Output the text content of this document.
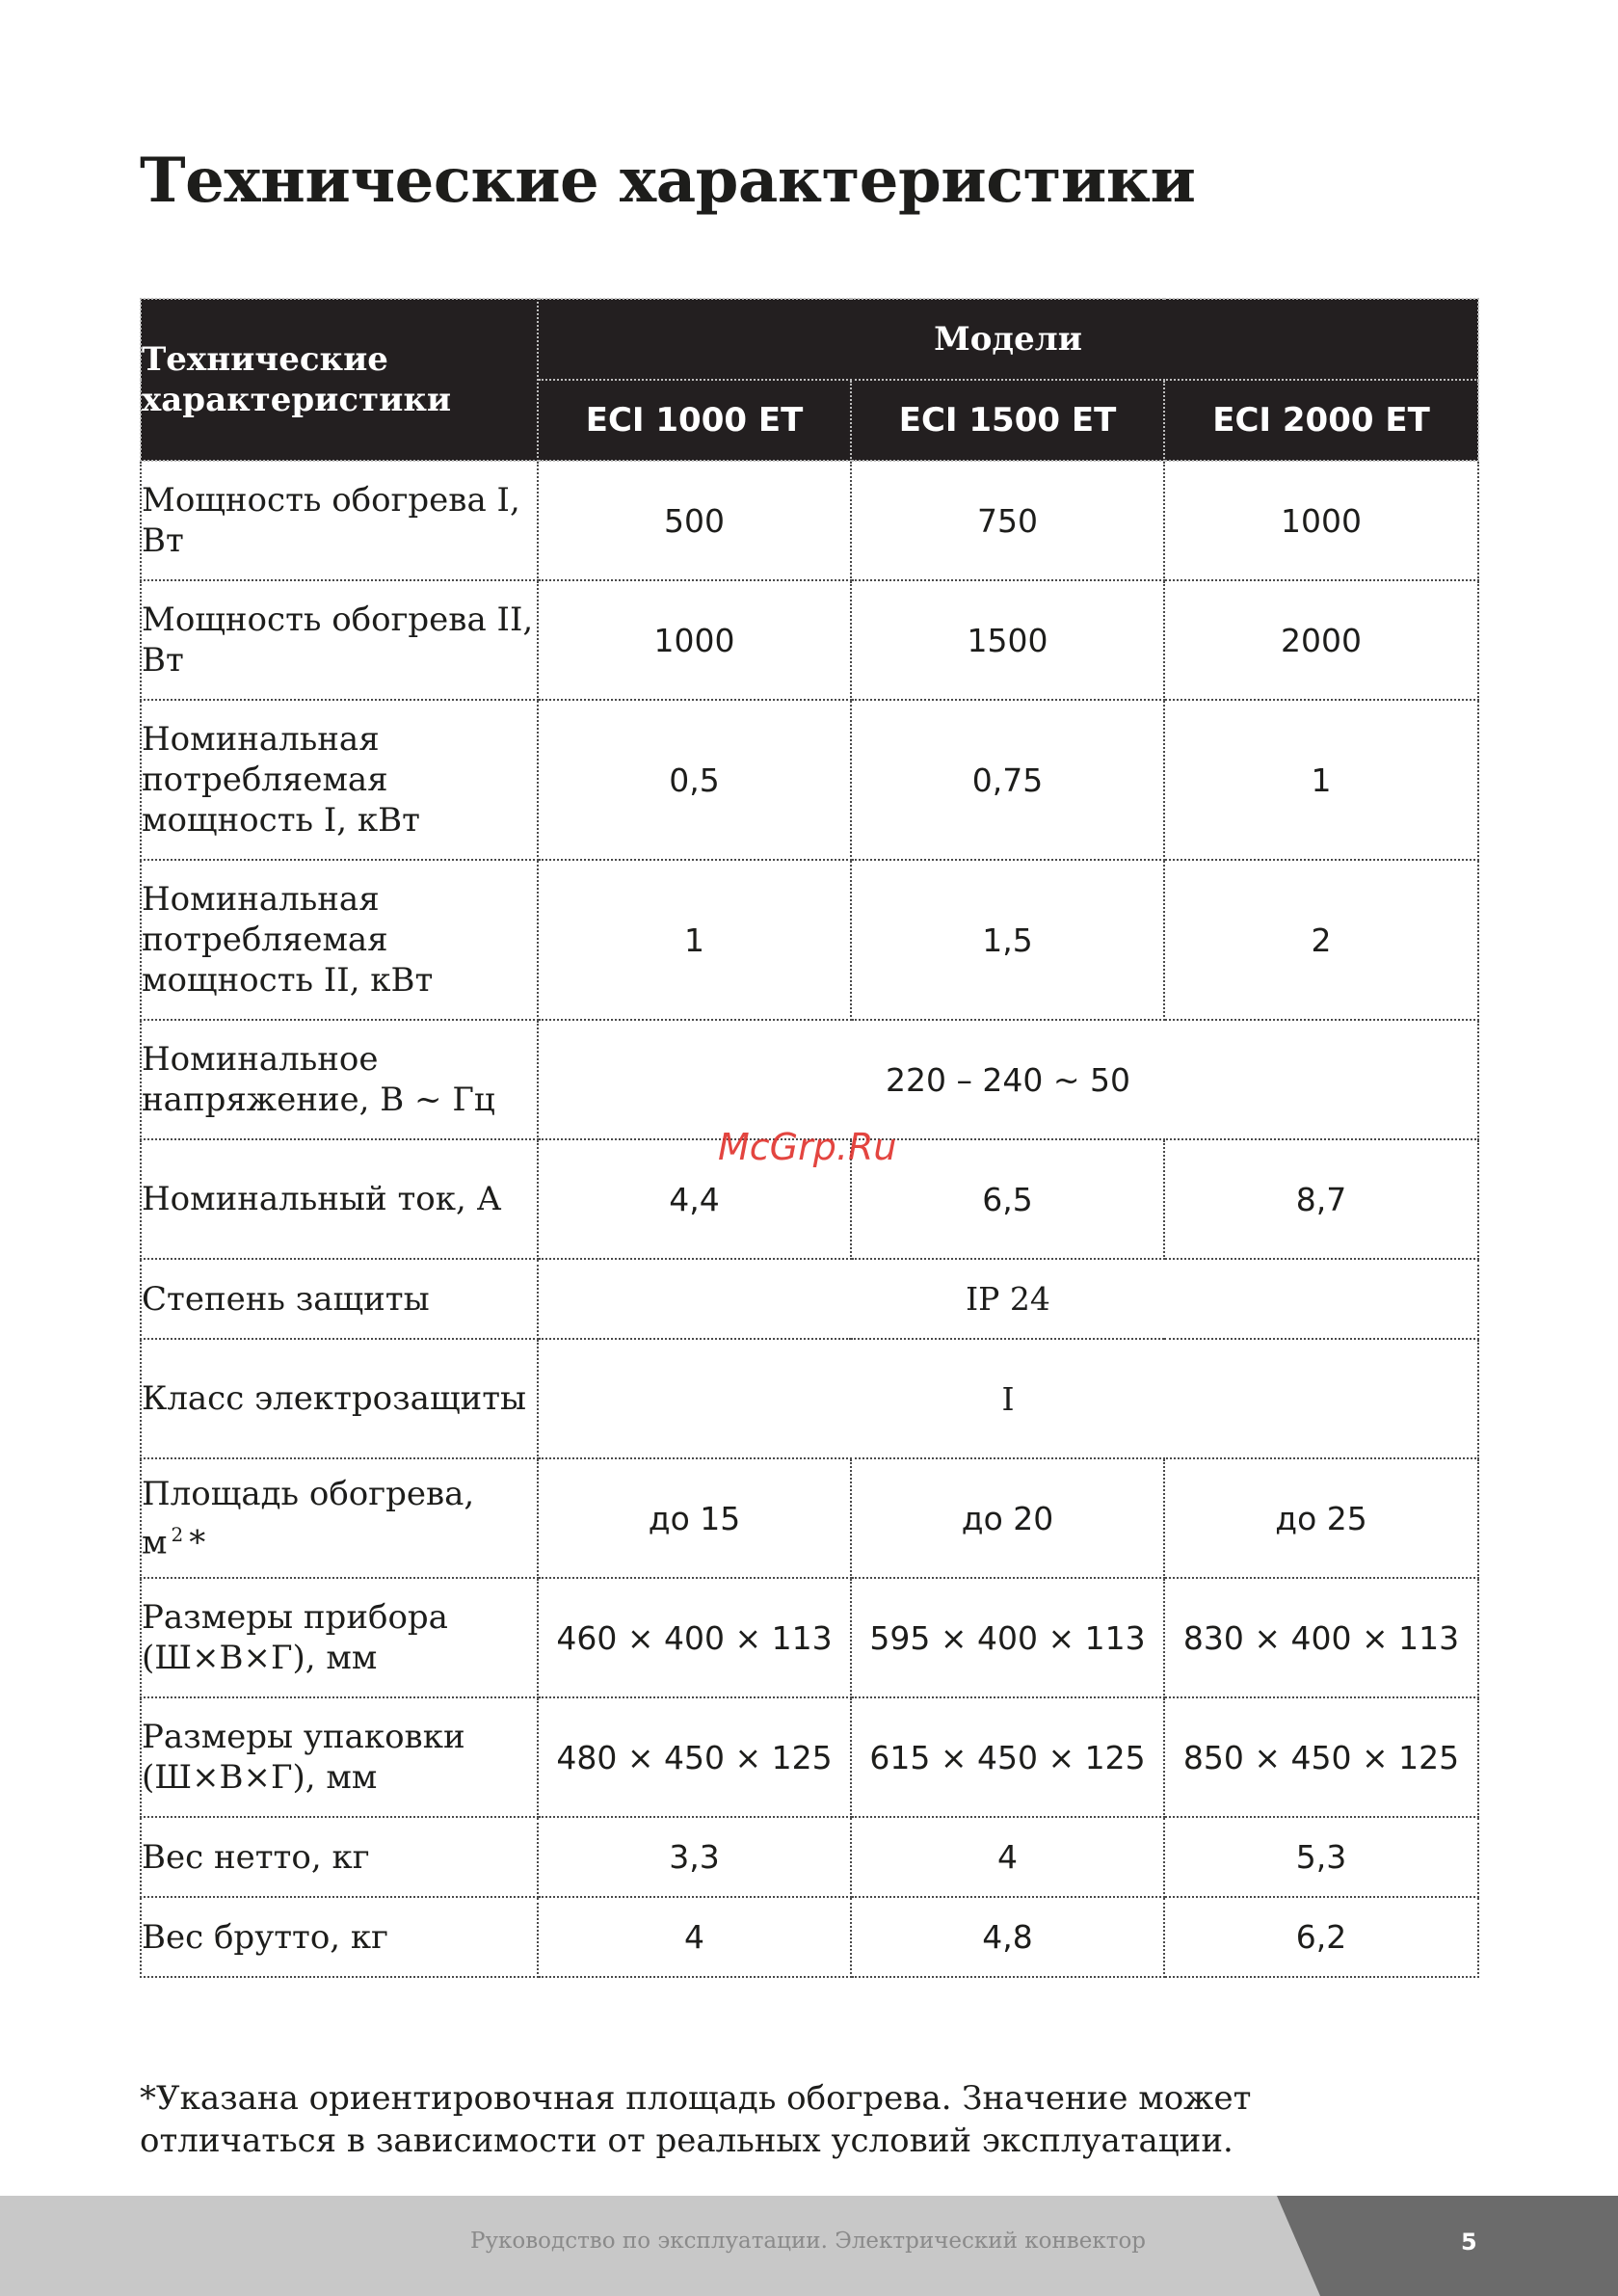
Технические характеристики
Технические характеристики	Модели		
	ECI 1000 ET	ECI 1500 ET	ECI 2000 ET
Мощность обогрева I, Вт	500	750	1000
Мощность обогрева II, Вт	1000	1500	2000
Номинальная потребляемая мощность I, кВт	0,5	0,75	1
Номинальная потребляемая мощность II, кВт	1	1,5	2
Номинальное напряжение, В ~ Гц	220 – 240 ~ 50		
Номинальный ток, А	4,4	6,5	8,7
Степень защиты	IP 24		
Класс электрозащиты	I		
Площадь обогрева, м $^2$ *	до 15	до 20	до 25
Размеры прибора (Ш×В×Г), мм	460 × 400 × 113	595 × 400 × 113	830 × 400 × 113
Размеры упаковки (Ш×В×Г), мм	480 × 450 × 125	615 × 450 × 125	850 × 450 × 125
Вес нетто, кг	3,3	4	5,3
Вес брутто, кг	4	4,8	6,2
McGrp.Ru

*Указана ориентировочная площадь обогрева. Значение может отличаться в зависимости от реальных условий эксплуатации.

Руководство по эксплуатации. Электрический конвектор	5
